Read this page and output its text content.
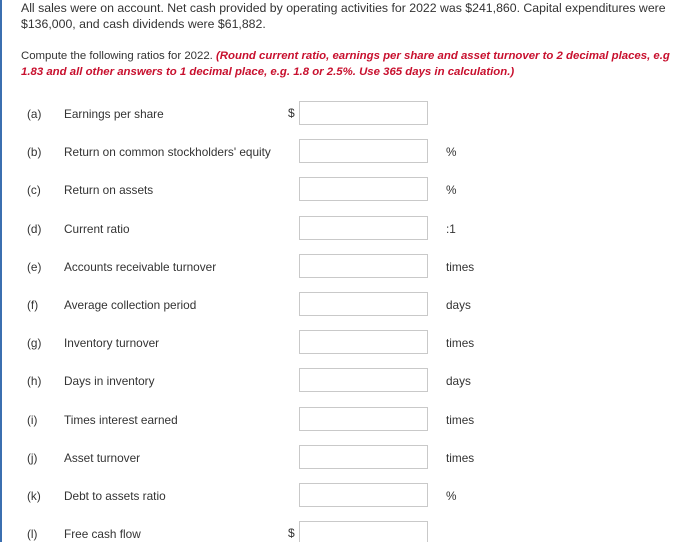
All sales were on account. Net cash provided by operating activities for 2022 was $241,860. Capital expenditures were $136,000, and cash dividends were $61,882.
Compute the following ratios for 2022. (Round current ratio, earnings per share and asset turnover to 2 decimal places, e.g 1.83 and all other answers to 1 decimal place, e.g. 1.8 or 2.5%. Use 365 days in calculation.)
(a) Earnings per share	$
(b) Return on common stockholders' equity	%
(c) Return on assets	%
(d) Current ratio	:1
(e) Accounts receivable turnover	times
(f) Average collection period	days
(g) Inventory turnover	times
(h) Days in inventory	days
(i) Times interest earned	times
(j) Asset turnover	times
(k) Debt to assets ratio	%
(l) Free cash flow	$
